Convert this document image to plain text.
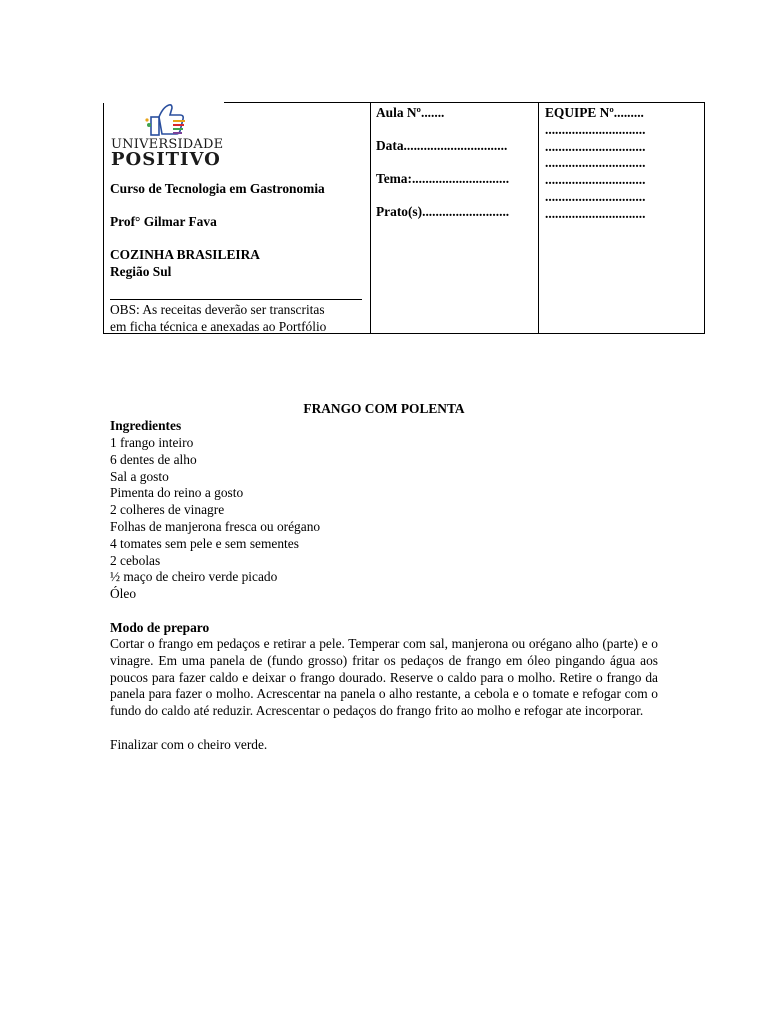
UNIVERSIDADE
POSITIVO
Curso de Tecnologia em Gastronomia
Prof° Gilmar Fava
COZINHA BRASILEIRA
Região Sul
OBS: As receitas deverão ser transcritas
em ficha técnica e anexadas ao Portfólio

Aula Nº.......
Data...............................
Tema:.............................
Prato(s)..........................

EQUIPE Nº.........
..............................
..............................
..............................
..............................
..............................
..............................
FRANGO COM POLENTA
Ingredientes
1 frango inteiro
6 dentes de alho
Sal a gosto
Pimenta do reino a gosto
2 colheres de vinagre
Folhas de manjerona fresca ou orégano
4 tomates sem pele e sem sementes
2 cebolas
½ maço de cheiro verde picado
Óleo
Modo de preparo

Cortar o frango em pedaços e retirar a pele. Temperar com sal, manjerona ou orégano alho (parte) e o vinagre. Em uma panela de (fundo grosso) fritar os pedaços de frango em óleo pingando água aos poucos para fazer caldo e deixar o frango dourado. Reserve o caldo para o molho. Retire o frango da panela para fazer o molho. Acrescentar na panela o alho restante, a cebola e o tomate e refogar com o fundo do caldo até reduzir. Acrescentar o pedaços do frango frito ao molho e refogar ate incorporar.

Finalizar com o cheiro verde.
